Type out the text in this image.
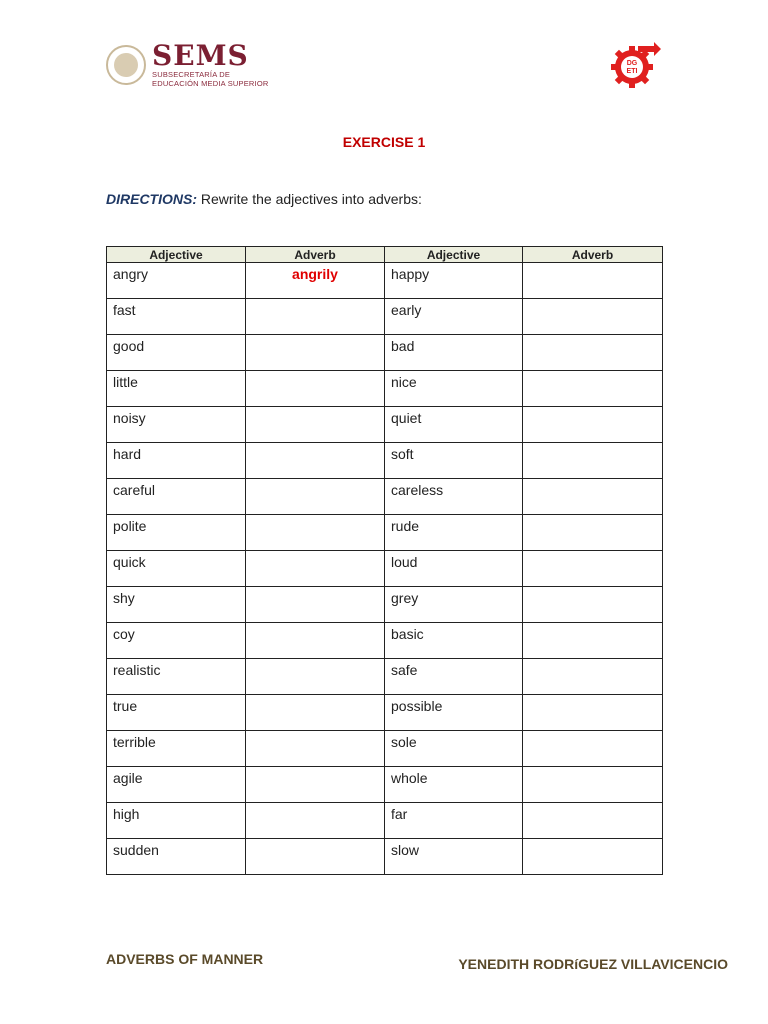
SEMS
SUBSECRETARÍA DE
EDUCACIÓN MEDIA SUPERIOR
DG
ETI
EXERCISE 1
DIRECTIONS: Rewrite the adjectives into adverbs:
Adjective	Adverb	Adjective	Adverb
angry	angrily	happy	
fast		early	
good		bad	
little		nice	
noisy		quiet	
hard		soft	
careful		careless	
polite		rude	
quick		loud	
shy		grey	
coy		basic	
realistic		safe	
true		possible	
terrible		sole	
agile		whole	
high		far	
sudden		slow	
ADVERBS OF MANNER	YENEDITH RODRíGUEZ VILLAVICENCIO
